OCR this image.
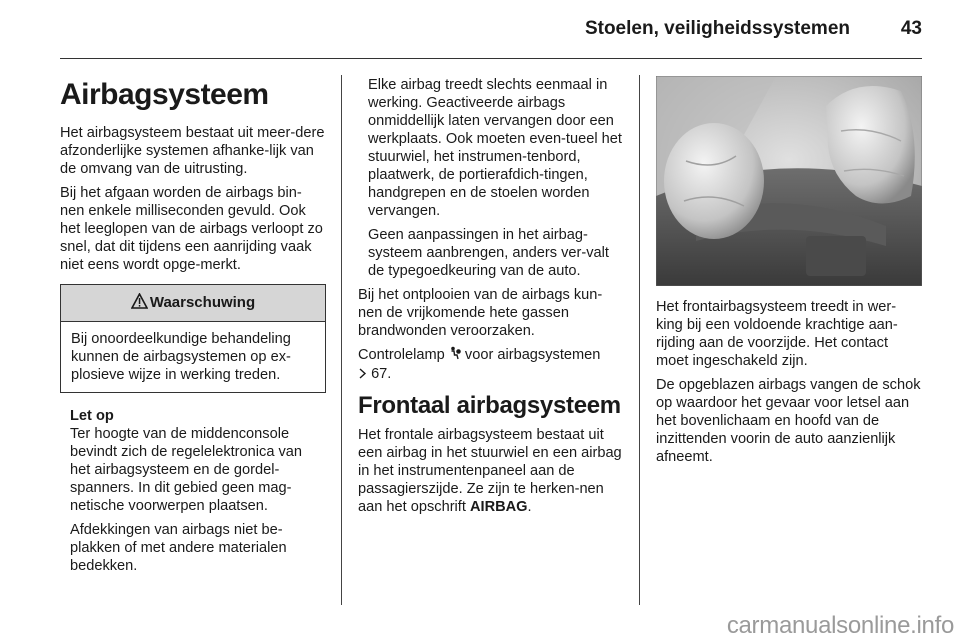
Stoelen, veiligheidssystemen	43
Airbagsysteem

Het airbagsysteem bestaat uit meer-dere afzonderlijke systemen afhanke-lijk van de omvang van de uitrusting.

Bij het afgaan worden de airbags bin-nen enkele milliseconden gevuld. Ook het leeglopen van de airbags verloopt zo snel, dat dit tijdens een aanrijding vaak niet eens wordt opge-merkt.

Waarschuwing
Bij onoordeelkundige behandeling kunnen de airbagsystemen op ex-plosieve wijze in werking treden.
Let op

Ter hoogte van de middenconsole bevindt zich de regelelektronica van het airbagsysteem en de gordel-spanners. In dit gebied geen mag-netische voorwerpen plaatsen.

Afdekkingen van airbags niet be-plakken of met andere materialen bedekken.

Elke airbag treedt slechts eenmaal in werking. Geactiveerde airbags onmiddellijk laten vervangen door een werkplaats. Ook moeten even-tueel het stuurwiel, het instrumen-tenbord, plaatwerk, de portierafdich-tingen, handgrepen en de stoelen worden vervangen.

Geen aanpassingen in het airbag-systeem aanbrengen, anders ver-valt de typegoedkeuring van de auto.

Bij het ontplooien van de airbags kun-nen de vrijkomende hete gassen brandwonden veroorzaken.

Controlelamp  voor airbagsystemen
67.

Frontaal airbagsysteem

Het frontale airbagsysteem bestaat uit een airbag in het stuurwiel en een airbag in het instrumentenpaneel aan de passagierszijde. Ze zijn te herken-nen aan het opschrift AIRBAG.

Het frontairbagsysteem treedt in wer-king bij een voldoende krachtige aan-rijding aan de voorzijde. Het contact moet ingeschakeld zijn.

De opgeblazen airbags vangen de schok op waardoor het gevaar voor letsel aan het bovenlichaam en hoofd van de inzittenden voorin de auto aanzienlijk afneemt.

carmanualsonline.info
